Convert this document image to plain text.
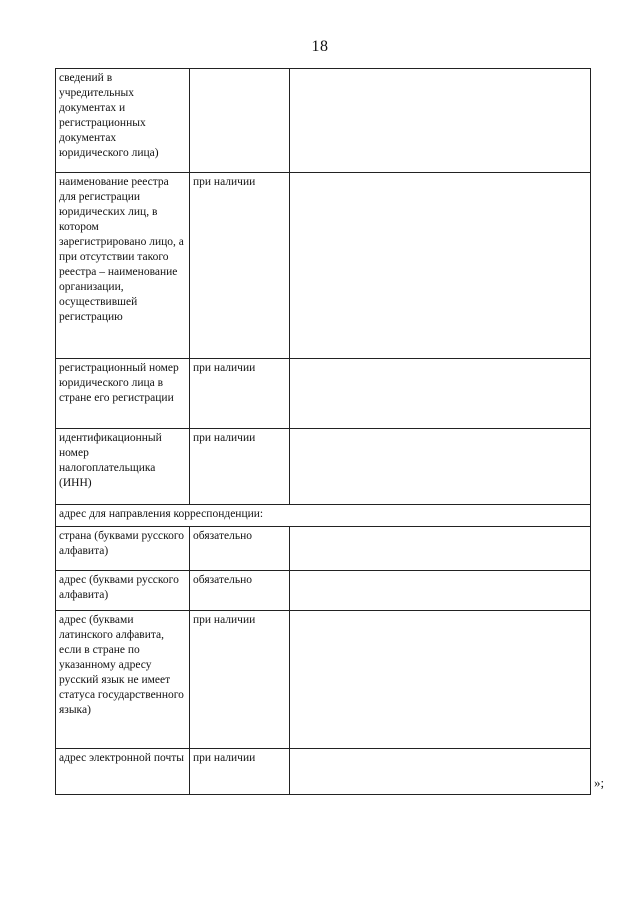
18
сведений в учредительных документах и регистрационных документах юридического лица)		
наименование реестра для регистрации юридических лиц, в котором зарегистрировано лицо, а при отсутствии такого реестра – наименование организации, осуществившей регистрацию	при наличии	
регистрационный номер юридического лица в стране его регистрации	при наличии	
идентификационный номер налогоплательщика (ИНН)	при наличии	
адрес для направления корреспонденции:		
страна (буквами русского алфавита)	обязательно	
адрес (буквами русского алфавита)	обязательно	
адрес (буквами латинского алфавита, если в стране по указанному адресу русский язык не имеет статуса государственного языка)	при наличии	
адрес электронной почты	при наличии	
»;
